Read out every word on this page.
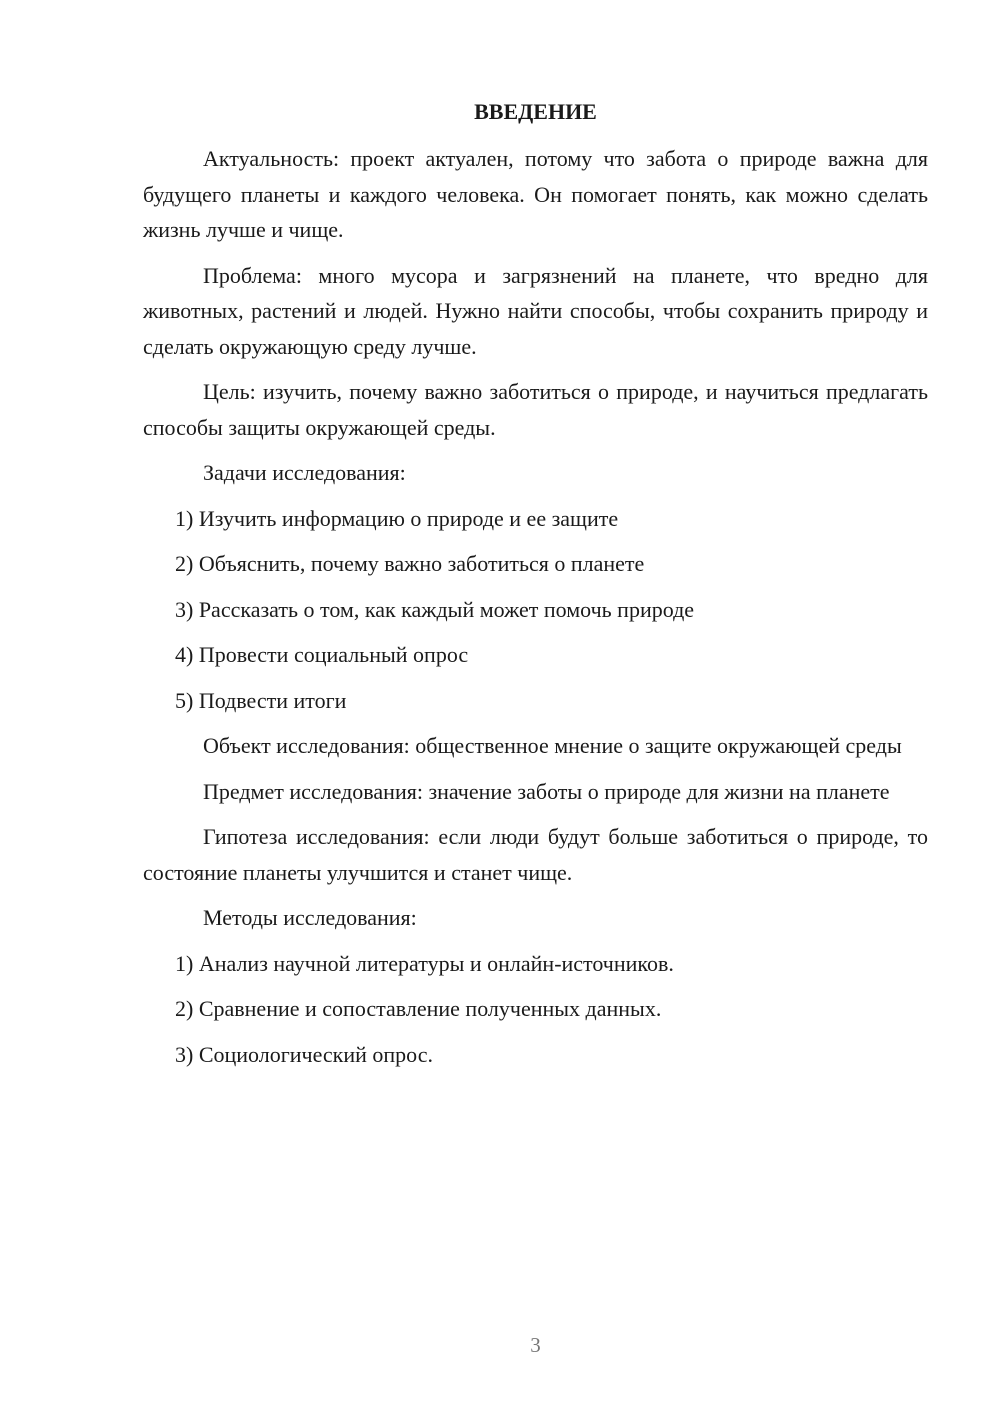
ВВЕДЕНИЕ

Актуальность: проект актуален, потому что забота о природе важна для будущего планеты и каждого человека. Он помогает понять, как можно сделать жизнь лучше и чище.

Проблема: много мусора и загрязнений на планете, что вредно для животных, растений и людей. Нужно найти способы, чтобы сохранить природу и сделать окружающую среду лучше.

Цель: изучить, почему важно заботиться о природе, и научиться предлагать способы защиты окружающей среды.

Задачи исследования:

1) Изучить информацию о природе и ее защите
2) Объяснить, почему важно заботиться о планете
3) Рассказать о том, как каждый может помочь природе
4) Провести социальный опрос
5) Подвести итоги

Объект исследования: общественное мнение о защите окружающей среды

Предмет исследования: значение заботы о природе для жизни на планете

Гипотеза исследования: если люди будут больше заботиться о природе, то состояние планеты улучшится и станет чище.

Методы исследования:

1) Анализ научной литературы и онлайн-источников.
2) Сравнение и сопоставление полученных данных.
3) Социологический опрос.
3
